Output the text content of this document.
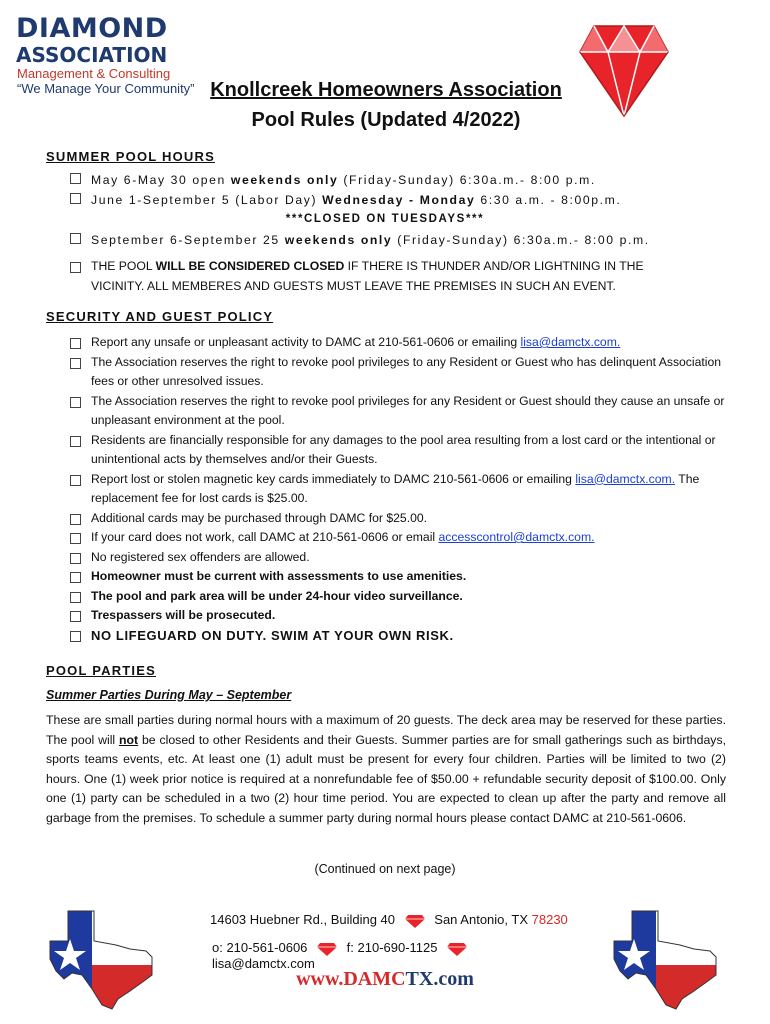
DIAMOND
ASSOCIATION
Management & Consulting
“We Manage Your Community” Knollcreek Homeowners Association
Pool Rules (Updated 4/2022)
SUMMER POOL HOURS
May 6-May 30 open weekends only (Friday-Sunday) 6:30a.m.- 8:00 p.m.
June 1-September 5 (Labor Day) Wednesday - Monday 6:30 a.m. - 8:00p.m.
***CLOSED ON TUESDAYS***
September 6-September 25 weekends only (Friday-Sunday) 6:30a.m.- 8:00 p.m.
THE POOL WILL BE CONSIDERED CLOSED IF THERE IS THUNDER AND/OR LIGHTNING IN THE VICINITY. ALL MEMBERES AND GUESTS MUST LEAVE THE PREMISES IN SUCH AN EVENT.
SECURITY AND GUEST POLICY
Report any unsafe or unpleasant activity to DAMC at 210-561-0606 or emailing lisa@damctx.com.
The Association reserves the right to revoke pool privileges to any Resident or Guest who has delinquent Association fees or other unresolved issues.
The Association reserves the right to revoke pool privileges for any Resident or Guest should they cause an unsafe or unpleasant environment at the pool.
Residents are financially responsible for any damages to the pool area resulting from a lost card or the intentional or unintentional acts by themselves and/or their Guests.
Report lost or stolen magnetic key cards immediately to DAMC 210-561-0606 or emailing lisa@damctx.com. The replacement fee for lost cards is $25.00.
Additional cards may be purchased through DAMC for $25.00.
If your card does not work, call DAMC at 210-561-0606 or email accesscontrol@damctx.com.
No registered sex offenders are allowed.
Homeowner must be current with assessments to use amenities.
The pool and park area will be under 24-hour video surveillance.
Trespassers will be prosecuted.
NO LIFEGUARD ON DUTY. SWIM AT YOUR OWN RISK.
POOL PARTIES
Summer Parties During May – September
These are small parties during normal hours with a maximum of 20 guests. The deck area may be reserved for these parties. The pool will not be closed to other Residents and their Guests. Summer parties are for small gatherings such as birthdays, sports teams events, etc. At least one (1) adult must be present for every four children. Parties will be limited to two (2) hours. One (1) week prior notice is required at a nonrefundable fee of $50.00 + refundable security deposit of $100.00. Only one (1) party can be scheduled in a two (2) hour time period. You are expected to clean up after the party and remove all garbage from the premises. To schedule a summer party during normal hours please contact DAMC at 210-561-0606.
(Continued on next page)
14603 Huebner Rd., Building 40	San Antonio, TX 78230
o: 210-561-0606	f: 210-690-1125  lisa@damctx.com
www.DAMCTX.com
